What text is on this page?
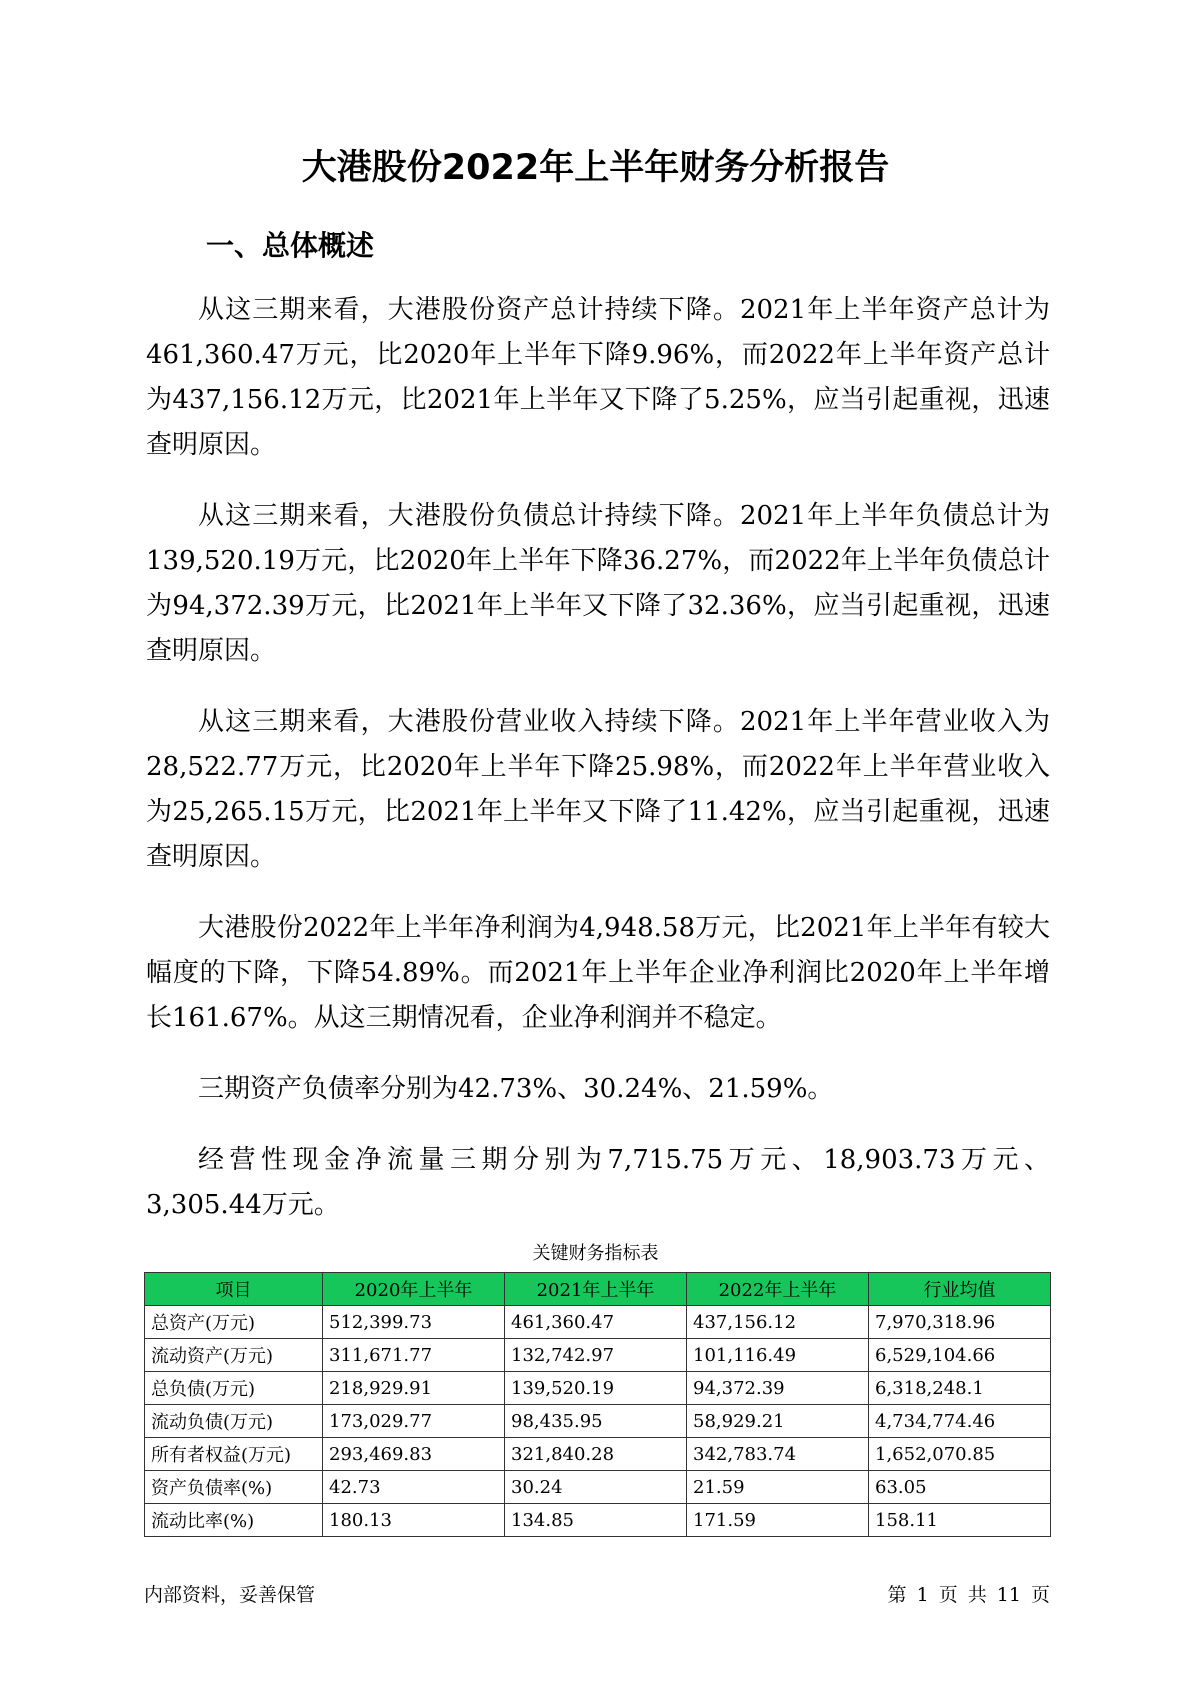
大港股份2022年上半年财务分析报告
一、总体概述

从这三期来看，大港股份资产总计持续下降。2021年上半年资产总计为461,360.47万元，比2020年上半年下降9.96%，而2022年上半年资产总计为437,156.12万元，比2021年上半年又下降了5.25%，应当引起重视，迅速查明原因。

从这三期来看，大港股份负债总计持续下降。2021年上半年负债总计为139,520.19万元，比2020年上半年下降36.27%，而2022年上半年负债总计为94,372.39万元，比2021年上半年又下降了32.36%，应当引起重视，迅速查明原因。

从这三期来看，大港股份营业收入持续下降。2021年上半年营业收入为28,522.77万元，比2020年上半年下降25.98%，而2022年上半年营业收入为25,265.15万元，比2021年上半年又下降了11.42%，应当引起重视，迅速查明原因。

大港股份2022年上半年净利润为4,948.58万元，比2021年上半年有较大幅度的下降，下降54.89%。而2021年上半年企业净利润比2020年上半年增长161.67%。从这三期情况看，企业净利润并不稳定。

三期资产负债率分别为42.73%、30.24%、21.59%。

经营性现金净流量三期分别为7,715.75万元、18,903.73万元、3,305.44万元。

关键财务指标表
项目	2020年上半年	2021年上半年	2022年上半年	行业均值
总资产(万元)	512,399.73	461,360.47	437,156.12	7,970,318.96
流动资产(万元)	311,671.77	132,742.97	101,116.49	6,529,104.66
总负债(万元)	218,929.91	139,520.19	94,372.39	6,318,248.1
流动负债(万元)	173,029.77	98,435.95	58,929.21	4,734,774.46
所有者权益(万元)	293,469.83	321,840.28	342,783.74	1,652,070.85
资产负债率(%)	42.73	30.24	21.59	63.05
流动比率(%)	180.13	134.85	171.59	158.11
内部资料，妥善保管	第 1 页 共 11 页
